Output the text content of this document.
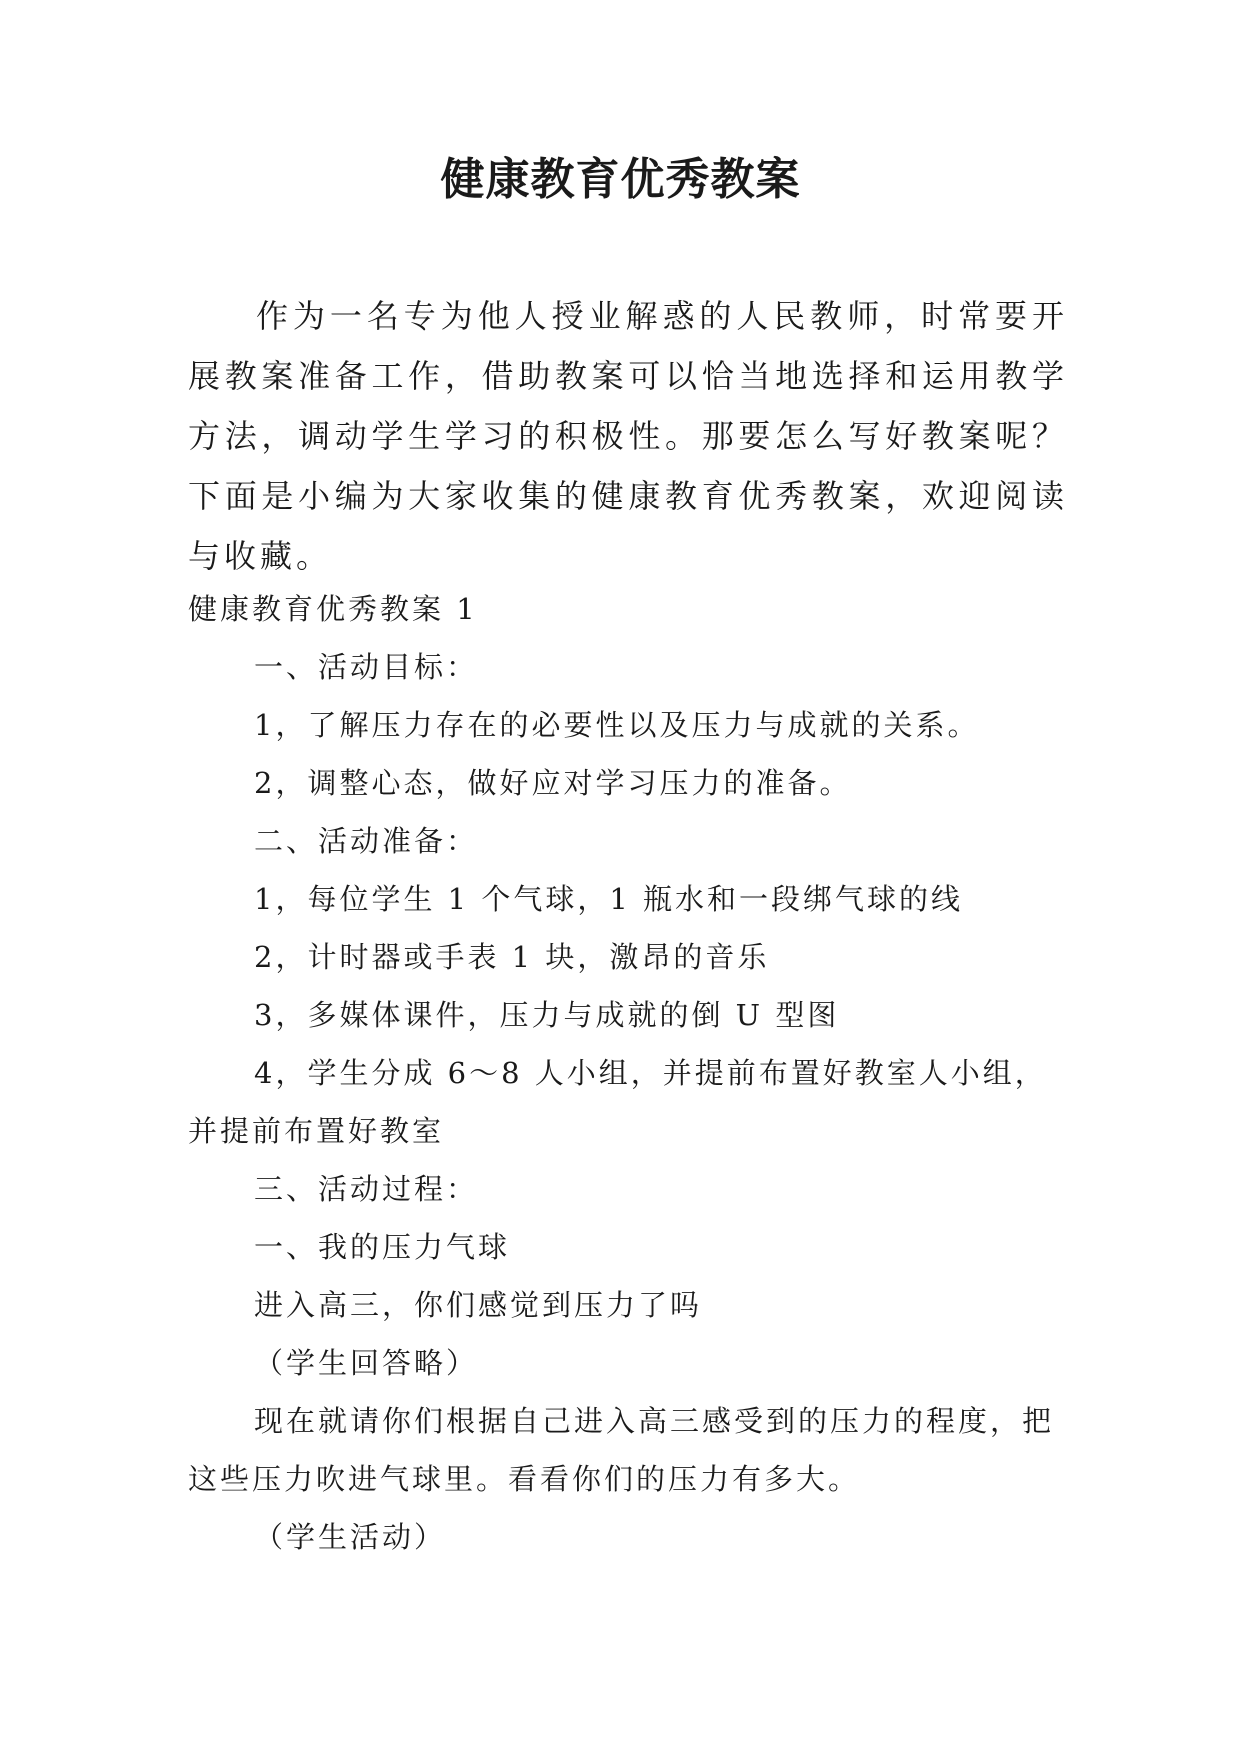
健康教育优秀教案
作为一名专为他人授业解惑的人民教师，时常要开展教案准备工作，借助教案可以恰当地选择和运用教学方法，调动学生学习的积极性。那要怎么写好教案呢？下面是小编为大家收集的健康教育优秀教案，欢迎阅读与收藏。
健康教育优秀教案 1
一、活动目标：
1，了解压力存在的必要性以及压力与成就的关系。
2，调整心态，做好应对学习压力的准备。
二、活动准备：
1，每位学生 1 个气球，1 瓶水和一段绑气球的线
2，计时器或手表 1 块，激昂的音乐
3，多媒体课件，压力与成就的倒 U 型图
4，学生分成 6～8 人小组，并提前布置好教室人小组，并提前布置好教室
三、活动过程：
一、我的压力气球
进入高三，你们感觉到压力了吗
（学生回答略）
现在就请你们根据自己进入高三感受到的压力的程度，把这些压力吹进气球里。看看你们的压力有多大。
（学生活动）
